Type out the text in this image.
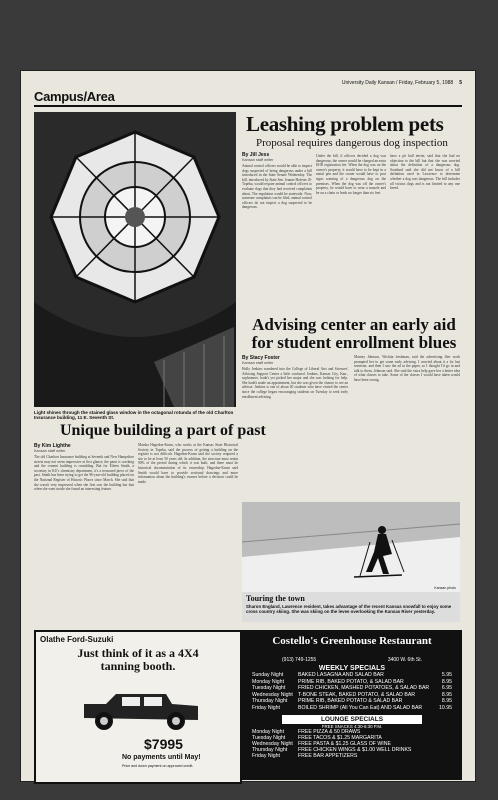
University Daily Kansan / Friday, February 5, 1988 5
Campus/Area
Light shines through the stained glass window in the octagonal rotunda of the old Charlton Insurance building, 11 E. Seventh St.
Unique building a part of past
By Kim Lighthe
Kansan staff writer
The old Charlton Insurance building at Seventh and New Hampshire streets may not seem impressive at first glance; the paint is cracking and the cement building is crumbling. But for Eileen Smith, a secretary in KU's chemistry department, it's a treasured piece of the past. Smith has been trying to get the 96-year-old building placed on the National Register of Historic Places since March. She said that she wasn't very impressed when she first saw the building but that when she went inside she found an interesting feature.
Marsha Hagedon-Krum, who works at the Kansas State Historical Society in Topeka, said the process of getting a building on the register is not difficult. Hagedon-Krum said the society required a site to be at least 50 years old. In addition, the structure must retain 90% of the period during which it was built, and there must be historical documentation of its ownership. Hagedon-Krum said Smith would have to provide sectional drawings and more information about the building's owners before a decision could be made.
Leashing problem pets
Proposal requires dangerous dog inspection
By Jill Jess
Kansan staff writer
Animal control officers would be able to inspect dogs suspected of being dangerous under a bill introduced in the State Senate Wednesday. The bill, introduced by State Sen. Jeanne Hoferer, R-Topeka, would require animal control officers to evaluate dogs that they had received complaints about. The regulation would be statewide. Now, someone complaints can be filed, animal control officers do not inspect a dog suspected to be dangerous.
Under the bill, if officers decided a dog was dangerous, the owner would be charged an extra $100 registration fee. When the dog was on the owner's property, it would have to be kept in a metal pen and the owner would have to post signs warning of a dangerous dog on the premises. When the dog was off the owner's property, he would have to wear a muzzle and be on a chain or leash no longer than six feet.
have a pit bull terrier, said that she had no objection to the bill but that she was worried about the definition of a dangerous dog. Southard said she did not know of a bill definition used in Lawrence to determine whether a dog was dangerous. The bill includes all vicious dogs and is not limited to any one breed.
Advising center an early aid for student enrollment blues
By Stacy Foster
Kansan staff writer
Holly Jenkins wandered into the College of Liberal Arts and Sciences' Advising Support Center a little confused. Jenkins, Kansas City, Kan., sophomore, hadn't yet picked her major and she was looking for help. She hadn't made an appointment, but she was given the chance to see an advisor. Jenkins is one of about 20 students who have visited the center since the college began encouraging students on Tuesday to seek early enrollment advising.
Marney Johnson, Wichita freshman, said the advertising flier work prompted her to get some early advising. I worried about it a lot last semester, and then I saw the ad in the paper, so I thought I'd go in and talk to them, Johnson said. She said the extra help gave her a better idea of what classes to take. Some of the classes I would have taken would have been wrong.
Kansan photo
Touring the town
Sharon England, Lawrence resident, takes advantage of the recent Kansas snowfall to enjoy some cross country skiing. She was skiing on the levee overlooking the Kansas River yesterday.
Olathe Ford-Suzuki
Just think of it as a 4X4 tanning booth.
$7995
No payments until May!
Price and down payment on approved credit.
Costello's Greenhouse Restaurant
(913) 749-1255	3400 W. 6th St.
WEEKLY SPECIALS
Sunday Night	BAKED LASAGNA AND SALAD BAR	5.95
Monday Night	PRIME RIB, BAKED POTATO, & SALAD BAR	8.95
Tuesday Night	FRIED CHICKEN, MASHED POTATOES, & SALAD BAR	6.95
Wednesday Night T-BONE STEAK, BAKED POTATO, & SALAD BAR	8.95
Thursday Night	PRIME RIB, BAKED POTATO & SALAD BAR	8.95
Friday Night	BOILED SHRIMP (All You Can Eat) AND SALAD BAR	10.95
LOUNGE SPECIALS
FREE SNACKS 4:30-6:30 P.M.
Monday Night	FREE PIZZA & 50 DRAWS
Tuesday Night	FREE TACOS & $1.25 MARGARITA
Wednesday Night FREE PASTA & $1.25 GLASS OF WINE
Thursday Night	FREE CHICKEN WINGS & $1.00 WELL DRINKS
Friday Night	FREE BAR APPETIZERS
